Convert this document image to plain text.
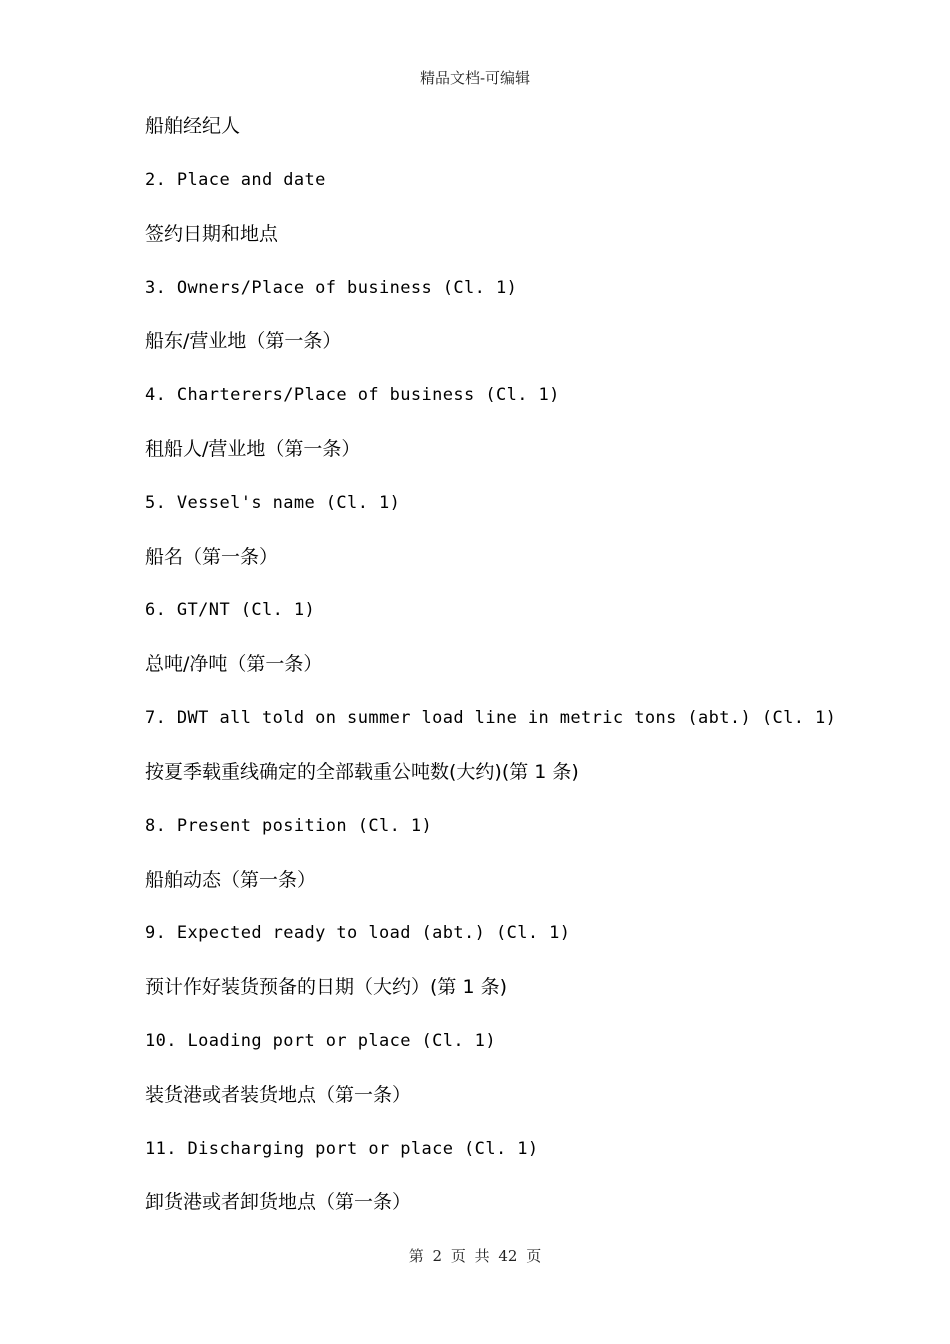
精品文档-可编辑
船舶经纪人
2. Place and date
签约日期和地点
3. Owners/Place of business (Cl. 1)
船东/营业地（第一条）
4. Charterers/Place of business (Cl. 1)
租船人/营业地（第一条）
5. Vessel's name (Cl. 1)
船名（第一条）
6. GT/NT (Cl. 1)
总吨/净吨（第一条）
7. DWT all told on summer load line in metric tons (abt.) (Cl. 1)
按夏季载重线确定的全部载重公吨数(大约)(第 1 条)
8. Present position (Cl. 1)
船舶动态（第一条）
9. Expected ready to load (abt.) (Cl. 1)
预计作好装货预备的日期（大约）(第 1 条)
10. Loading port or place (Cl. 1)
装货港或者装货地点（第一条）
11. Discharging port or place (Cl. 1)
卸货港或者卸货地点（第一条）
第 2 页 共 42 页
